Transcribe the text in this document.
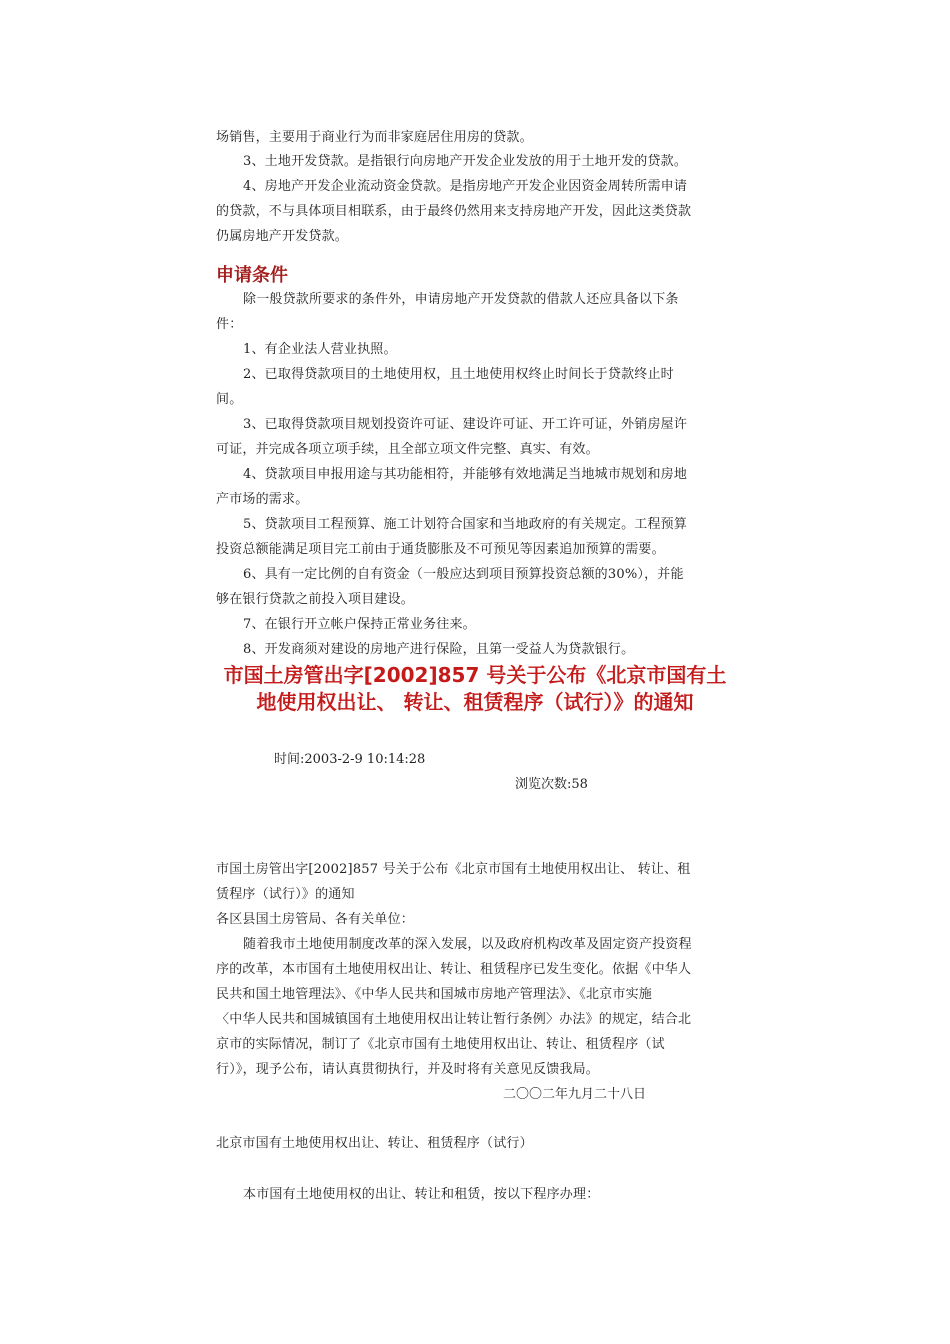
场销售，主要用于商业行为而非家庭居住用房的贷款。
3、土地开发贷款。是指银行向房地产开发企业发放的用于土地开发的贷款。
4、房地产开发企业流动资金贷款。是指房地产开发企业因资金周转所需申请
的贷款，不与具体项目相联系，由于最终仍然用来支持房地产开发，因此这类贷款
仍属房地产开发贷款。
申请条件
除一般贷款所要求的条件外，申请房地产开发贷款的借款人还应具备以下条
件：
1、有企业法人营业执照。
2、已取得贷款项目的土地使用权，且土地使用权终止时间长于贷款终止时
间。
3、已取得贷款项目规划投资许可证、建设许可证、开工许可证，外销房屋许
可证，并完成各项立项手续，且全部立项文件完整、真实、有效。
4、贷款项目申报用途与其功能相符，并能够有效地满足当地城市规划和房地
产市场的需求。
5、贷款项目工程预算、施工计划符合国家和当地政府的有关规定。工程预算
投资总额能满足项目完工前由于通货膨胀及不可预见等因素追加预算的需要。
6、具有一定比例的自有资金（一般应达到项目预算投资总额的30%），并能
够在银行贷款之前投入项目建设。
7、在银行开立帐户保持正常业务往来。
8、开发商须对建设的房地产进行保险，且第一受益人为贷款银行。
市国土房管出字[2002]857 号关于公布《北京市国有土
地使用权出让、 转让、租赁程序（试行）》的通知
时间:2003-2-9 10:14:28
浏览次数:58
市国土房管出字[2002]857 号关于公布《北京市国有土地使用权出让、 转让、租
赁程序（试行）》的通知
各区县国土房管局、各有关单位：
随着我市土地使用制度改革的深入发展，以及政府机构改革及固定资产投资程
序的改革，本市国有土地使用权出让、转让、租赁程序已发生变化。依据《中华人
民共和国土地管理法》、《中华人民共和国城市房地产管理法》、《北京市实施
〈中华人民共和国城镇国有土地使用权出让转让暂行条例〉办法》的规定，结合北
京市的实际情况，制订了《北京市国有土地使用权出让、转让、租赁程序（试
行）》，现予公布，请认真贯彻执行，并及时将有关意见反馈我局。
二〇〇二年九月二十八日
北京市国有土地使用权出让、转让、租赁程序（试行）
本市国有土地使用权的出让、转让和租赁，按以下程序办理：
